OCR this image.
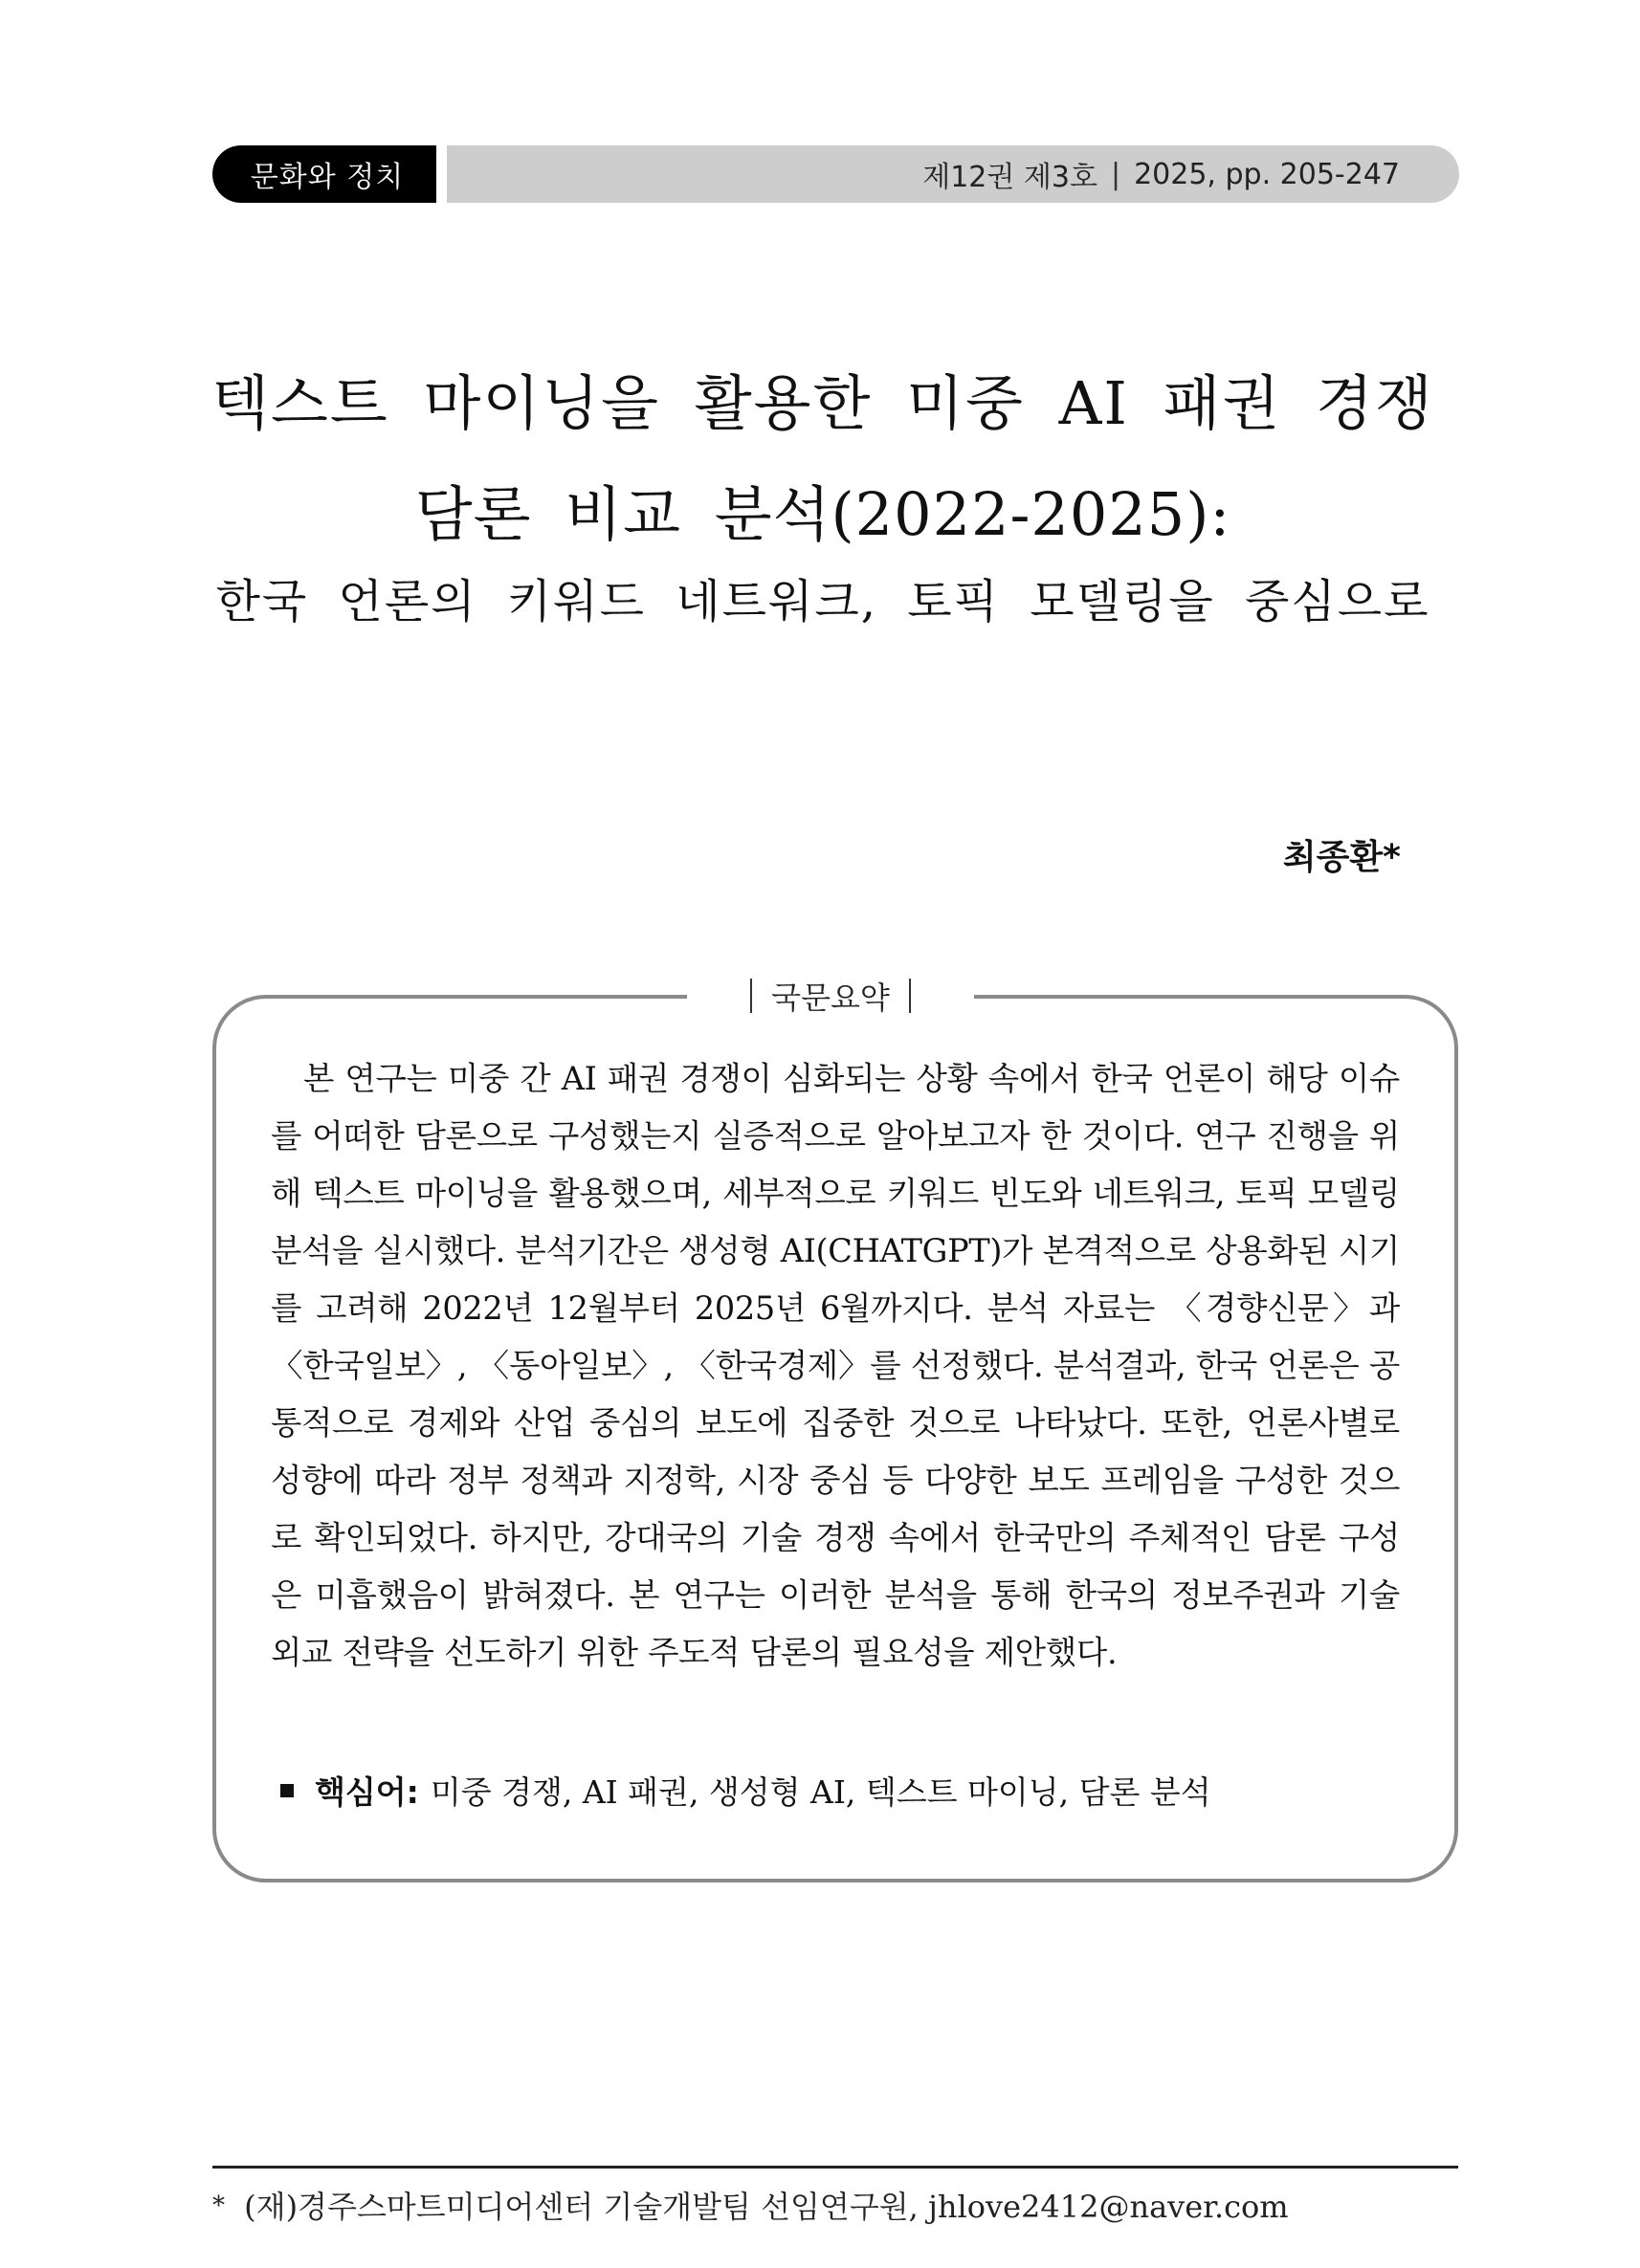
문화와 정치	제12권 제3호 | 2025, pp. 205-247
텍스트 마이닝을 활용한 미중 AI 패권 경쟁
담론 비교 분석(2022-2025):
한국 언론의 키워드 네트워크, 토픽 모델링을 중심으로
최종환*
국문요약
본 연구는 미중 간 AI 패권 경쟁이 심화되는 상황 속에서 한국 언론이 해당 이슈를 어떠한 담론으로 구성했는지 실증적으로 알아보고자 한 것이다. 연구 진행을 위해 텍스트 마이닝을 활용했으며, 세부적으로 키워드 빈도와 네트워크, 토픽 모델링 분석을 실시했다. 분석기간은 생성형 AI(CHATGPT)가 본격적으로 상용화된 시기를 고려해 2022년 12월부터 2025년 6월까지다. 분석 자료는 〈경향신문〉과 〈한국일보〉, 〈동아일보〉, 〈한국경제〉를 선정했다. 분석결과, 한국 언론은 공통적으로 경제와 산업 중심의 보도에 집중한 것으로 나타났다. 또한, 언론사별로 성향에 따라 정부 정책과 지정학, 시장 중심 등 다양한 보도 프레임을 구성한 것으로 확인되었다. 하지만, 강대국의 기술 경쟁 속에서 한국만의 주체적인 담론 구성은 미흡했음이 밝혀졌다. 본 연구는 이러한 분석을 통해 한국의 정보주권과 기술 외교 전략을 선도하기 위한 주도적 담론의 필요성을 제안했다.
핵심어: 미중 경쟁, AI 패권, 생성형 AI, 텍스트 마이닝, 담론 분석
* (재)경주스마트미디어센터 기술개발팀 선임연구원, jhlove2412@naver.com
